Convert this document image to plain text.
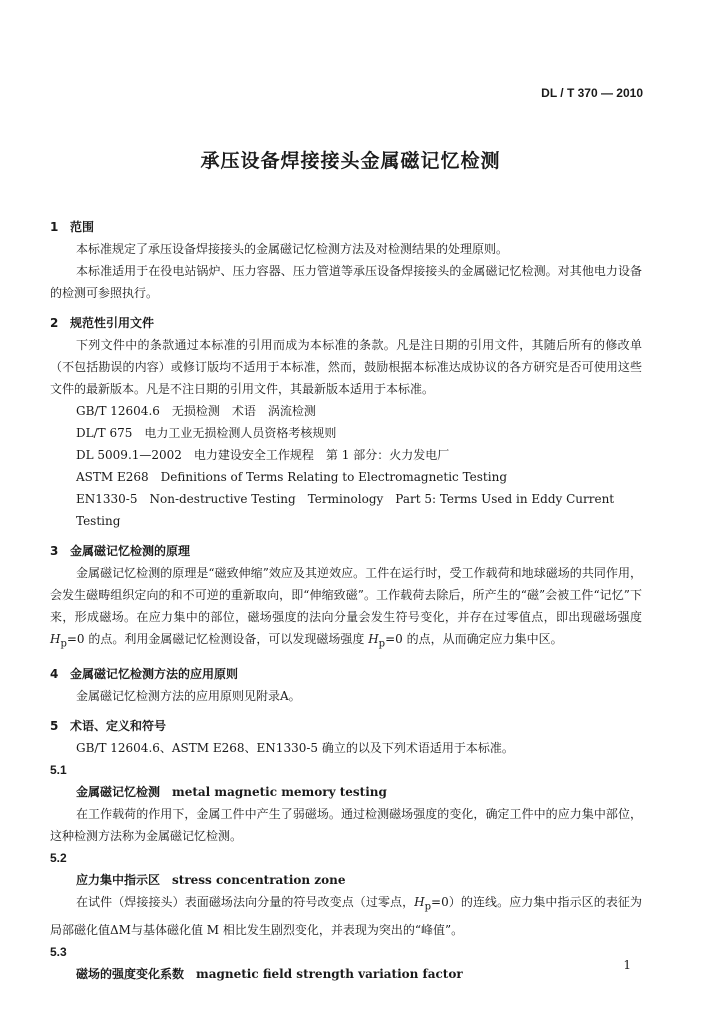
DL / T 370 — 2010
承压设备焊接接头金属磁记忆检测

1 范围

本标准规定了承压设备焊接接头的金属磁记忆检测方法及对检测结果的处理原则。

本标准适用于在役电站锅炉、压力容器、压力管道等承压设备焊接接头的金属磁记忆检测。对其他电力设备的检测可参照执行。

2 规范性引用文件

下列文件中的条款通过本标准的引用而成为本标准的条款。凡是注日期的引用文件，其随后所有的修改单（不包括勘误的内容）或修订版均不适用于本标准，然而，鼓励根据本标准达成协议的各方研究是否可使用这些文件的最新版本。凡是不注日期的引用文件，其最新版本适用于本标准。

GB/T 12604.6　无损检测　术语　涡流检测

DL/T 675　电力工业无损检测人员资格考核规则

DL 5009.1—2002　电力建设安全工作规程　第 1 部分：火力发电厂

ASTM E268　Definitions of Terms Relating to Electromagnetic Testing

EN1330-5　Non-destructive Testing　Terminology　Part 5: Terms Used in Eddy Current Testing

3 金属磁记忆检测的原理

金属磁记忆检测的原理是“磁致伸缩”效应及其逆效应。工件在运行时，受工作载荷和地球磁场的共同作用，会发生磁畴组织定向的和不可逆的重新取向，即“伸缩致磁”。工作载荷去除后，所产生的“磁”会被工件“记忆”下来，形成磁场。在应力集中的部位，磁场强度的法向分量会发生符号变化，并存在过零值点，即出现磁场强度 $H_p=0$ 的点。利用金属磁记忆检测设备，可以发现磁场强度 $H_p=0$ 的点，从而确定应力集中区。

4 金属磁记忆检测方法的应用原则

金属磁记忆检测方法的应用原则见附录A。

5 术语、定义和符号

GB/T 12604.6、ASTM E268、EN1330-5 确立的以及下列术语适用于本标准。

5.1

金属磁记忆检测 metal magnetic memory testing

在工作载荷的作用下，金属工件中产生了弱磁场。通过检测磁场强度的变化，确定工件中的应力集中部位，这种检测方法称为金属磁记忆检测。

5.2

应力集中指示区 stress concentration zone

在试件（焊接接头）表面磁场法向分量的符号改变点（过零点，$H_p=0$）的连线。应力集中指示区的表征为局部磁化值ΔM与基体磁化值 M 相比发生剧烈变化，并表现为突出的“峰值”。

5.3

磁场的强度变化系数 magnetic field strength variation factor

1
